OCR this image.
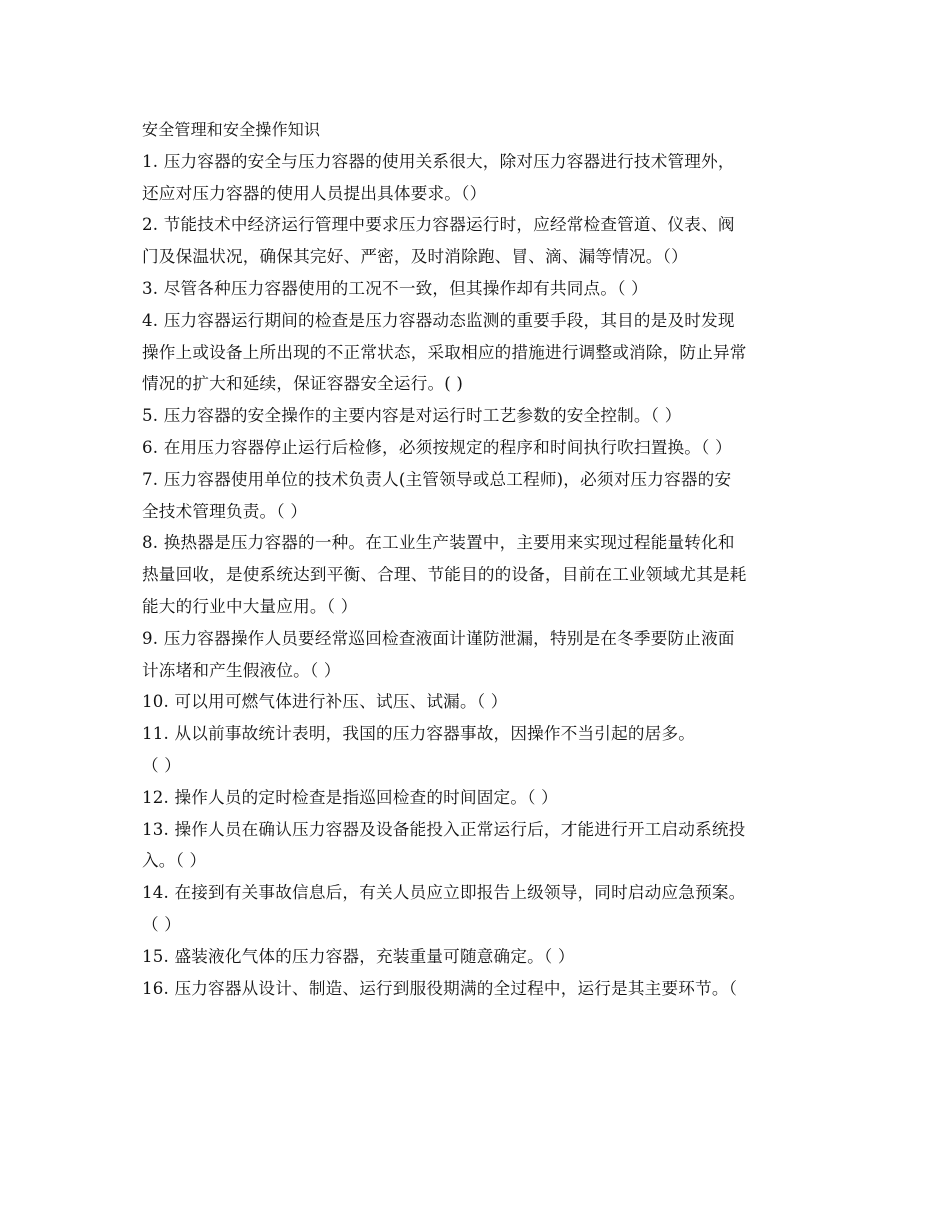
安全管理和安全操作知识
1. 压力容器的安全与压力容器的使用关系很大，除对压力容器进行技术管理外，
还应对压力容器的使用人员提出具体要求。（）
2. 节能技术中经济运行管理中要求压力容器运行时，应经常检查管道、仪表、阀
门及保温状况，确保其完好、严密，及时消除跑、冒、滴、漏等情况。（）
3. 尽管各种压力容器使用的工况不一致，但其操作却有共同点。（ ）
4. 压力容器运行期间的检查是压力容器动态监测的重要手段，其目的是及时发现
操作上或设备上所出现的不正常状态，采取相应的措施进行调整或消除，防止异常
情况的扩大和延续，保证容器安全运行。( )
5. 压力容器的安全操作的主要内容是对运行时工艺参数的安全控制。（ ）
6. 在用压力容器停止运行后检修，必须按规定的程序和时间执行吹扫置换。（ ）
7. 压力容器使用单位的技术负责人(主管领导或总工程师)，必须对压力容器的安
全技术管理负责。（ ）
8. 换热器是压力容器的一种。在工业生产装置中，主要用来实现过程能量转化和
热量回收，是使系统达到平衡、合理、节能目的的设备，目前在工业领域尤其是耗
能大的行业中大量应用。（ ）
9. 压力容器操作人员要经常巡回检查液面计谨防泄漏，特别是在冬季要防止液面
计冻堵和产生假液位。（ ）
10. 可以用可燃气体进行补压、试压、试漏。（ ）
11. 从以前事故统计表明，我国的压力容器事故，因操作不当引起的居多。
（ ）
12. 操作人员的定时检查是指巡回检查的时间固定。（ ）
13. 操作人员在确认压力容器及设备能投入正常运行后，才能进行开工启动系统投
入。（ ）
14. 在接到有关事故信息后，有关人员应立即报告上级领导，同时启动应急预案。
（ ）
15. 盛装液化气体的压力容器，充装重量可随意确定。（ ）
16. 压力容器从设计、制造、运行到服役期满的全过程中，运行是其主要环节。（
